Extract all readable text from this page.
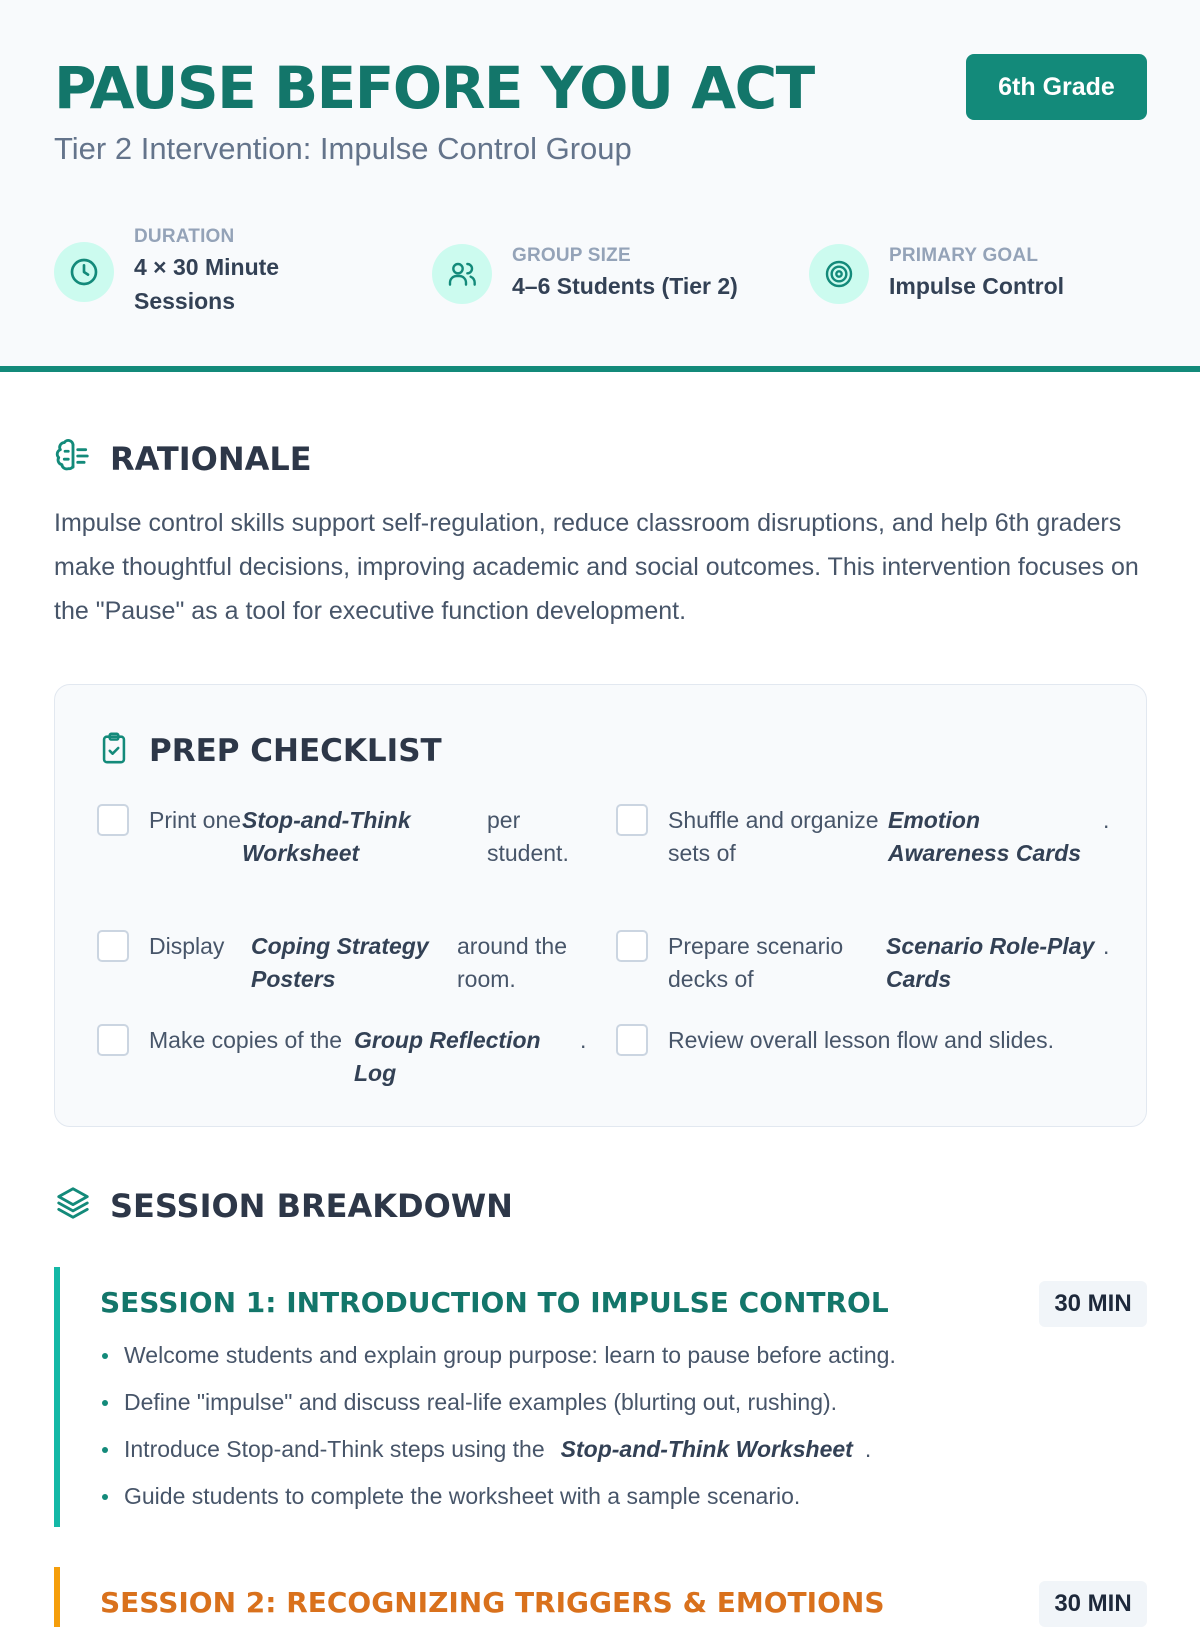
PAUSE BEFORE YOU ACT
Tier 2 Intervention: Impulse Control Group
6th Grade
DURATION
4 × 30 Minute
Sessions
GROUP SIZE
4–6 Students (Tier 2)
PRIMARY GOAL
Impulse Control
RATIONALE

Impulse control skills support self-regulation, reduce classroom disruptions, and help 6th graders make thoughtful decisions, improving academic and social outcomes. This intervention focuses on the "Pause" as a tool for executive function development.

PREP CHECKLIST
Print one Stop-and-Think Worksheet
per student.
Shuffle and organize sets of
Emotion Awareness Cards
.
Display	Coping Strategy Posters
around the room.
Prepare scenario decks of
Scenario Role-Play Cards
.
Make copies of the Group Reflection Log
.	Review overall lesson flow and slides.
SESSION BREAKDOWN
SESSION 1: INTRODUCTION TO IMPULSE CONTROL	30 MIN
Welcome students and explain group purpose: learn to pause before acting.
Define "impulse" and discuss real-life examples (blurting out, rushing).
Introduce Stop-and-Think steps using the Stop-and-Think Worksheet .
Guide students to complete the worksheet with a sample scenario.
SESSION 2: RECOGNIZING TRIGGERS & EMOTIONS	30 MIN
